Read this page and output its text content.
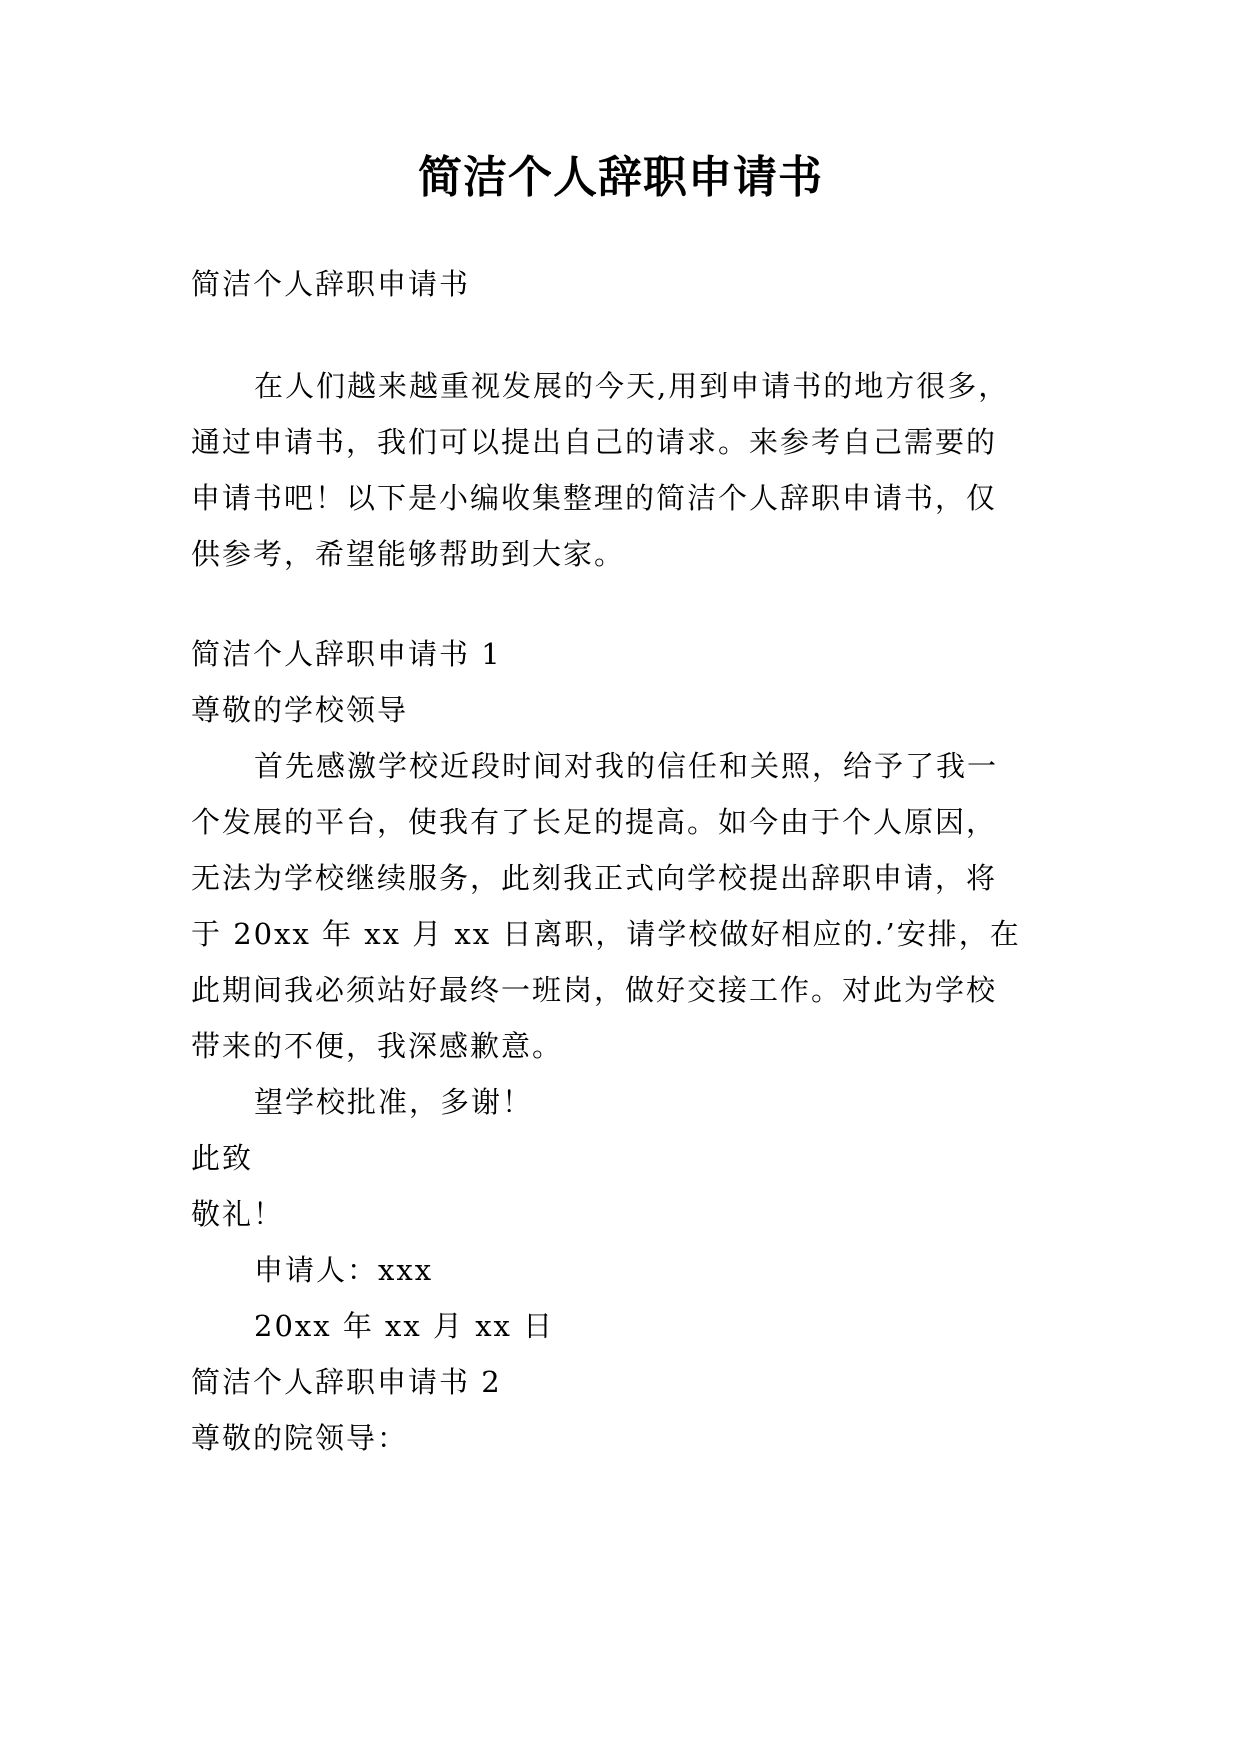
简洁个人辞职申请书
简洁个人辞职申请书
在人们越来越重视发展的今天,用到申请书的地方很多，
通过申请书，我们可以提出自己的请求。来参考自己需要的
申请书吧！以下是小编收集整理的简洁个人辞职申请书，仅
供参考，希望能够帮助到大家。
简洁个人辞职申请书 1
尊敬的学校领导
首先感激学校近段时间对我的信任和关照，给予了我一
个发展的平台，使我有了长足的提高。如今由于个人原因，
无法为学校继续服务，此刻我正式向学校提出辞职申请，将
于 20xx 年 xx 月 xx 日离职，请学校做好相应的.’安排，在
此期间我必须站好最终一班岗，做好交接工作。对此为学校
带来的不便，我深感歉意。
望学校批准，多谢！
此致
敬礼！
申请人：xxx
20xx 年 xx 月 xx 日
简洁个人辞职申请书 2
尊敬的院领导：
